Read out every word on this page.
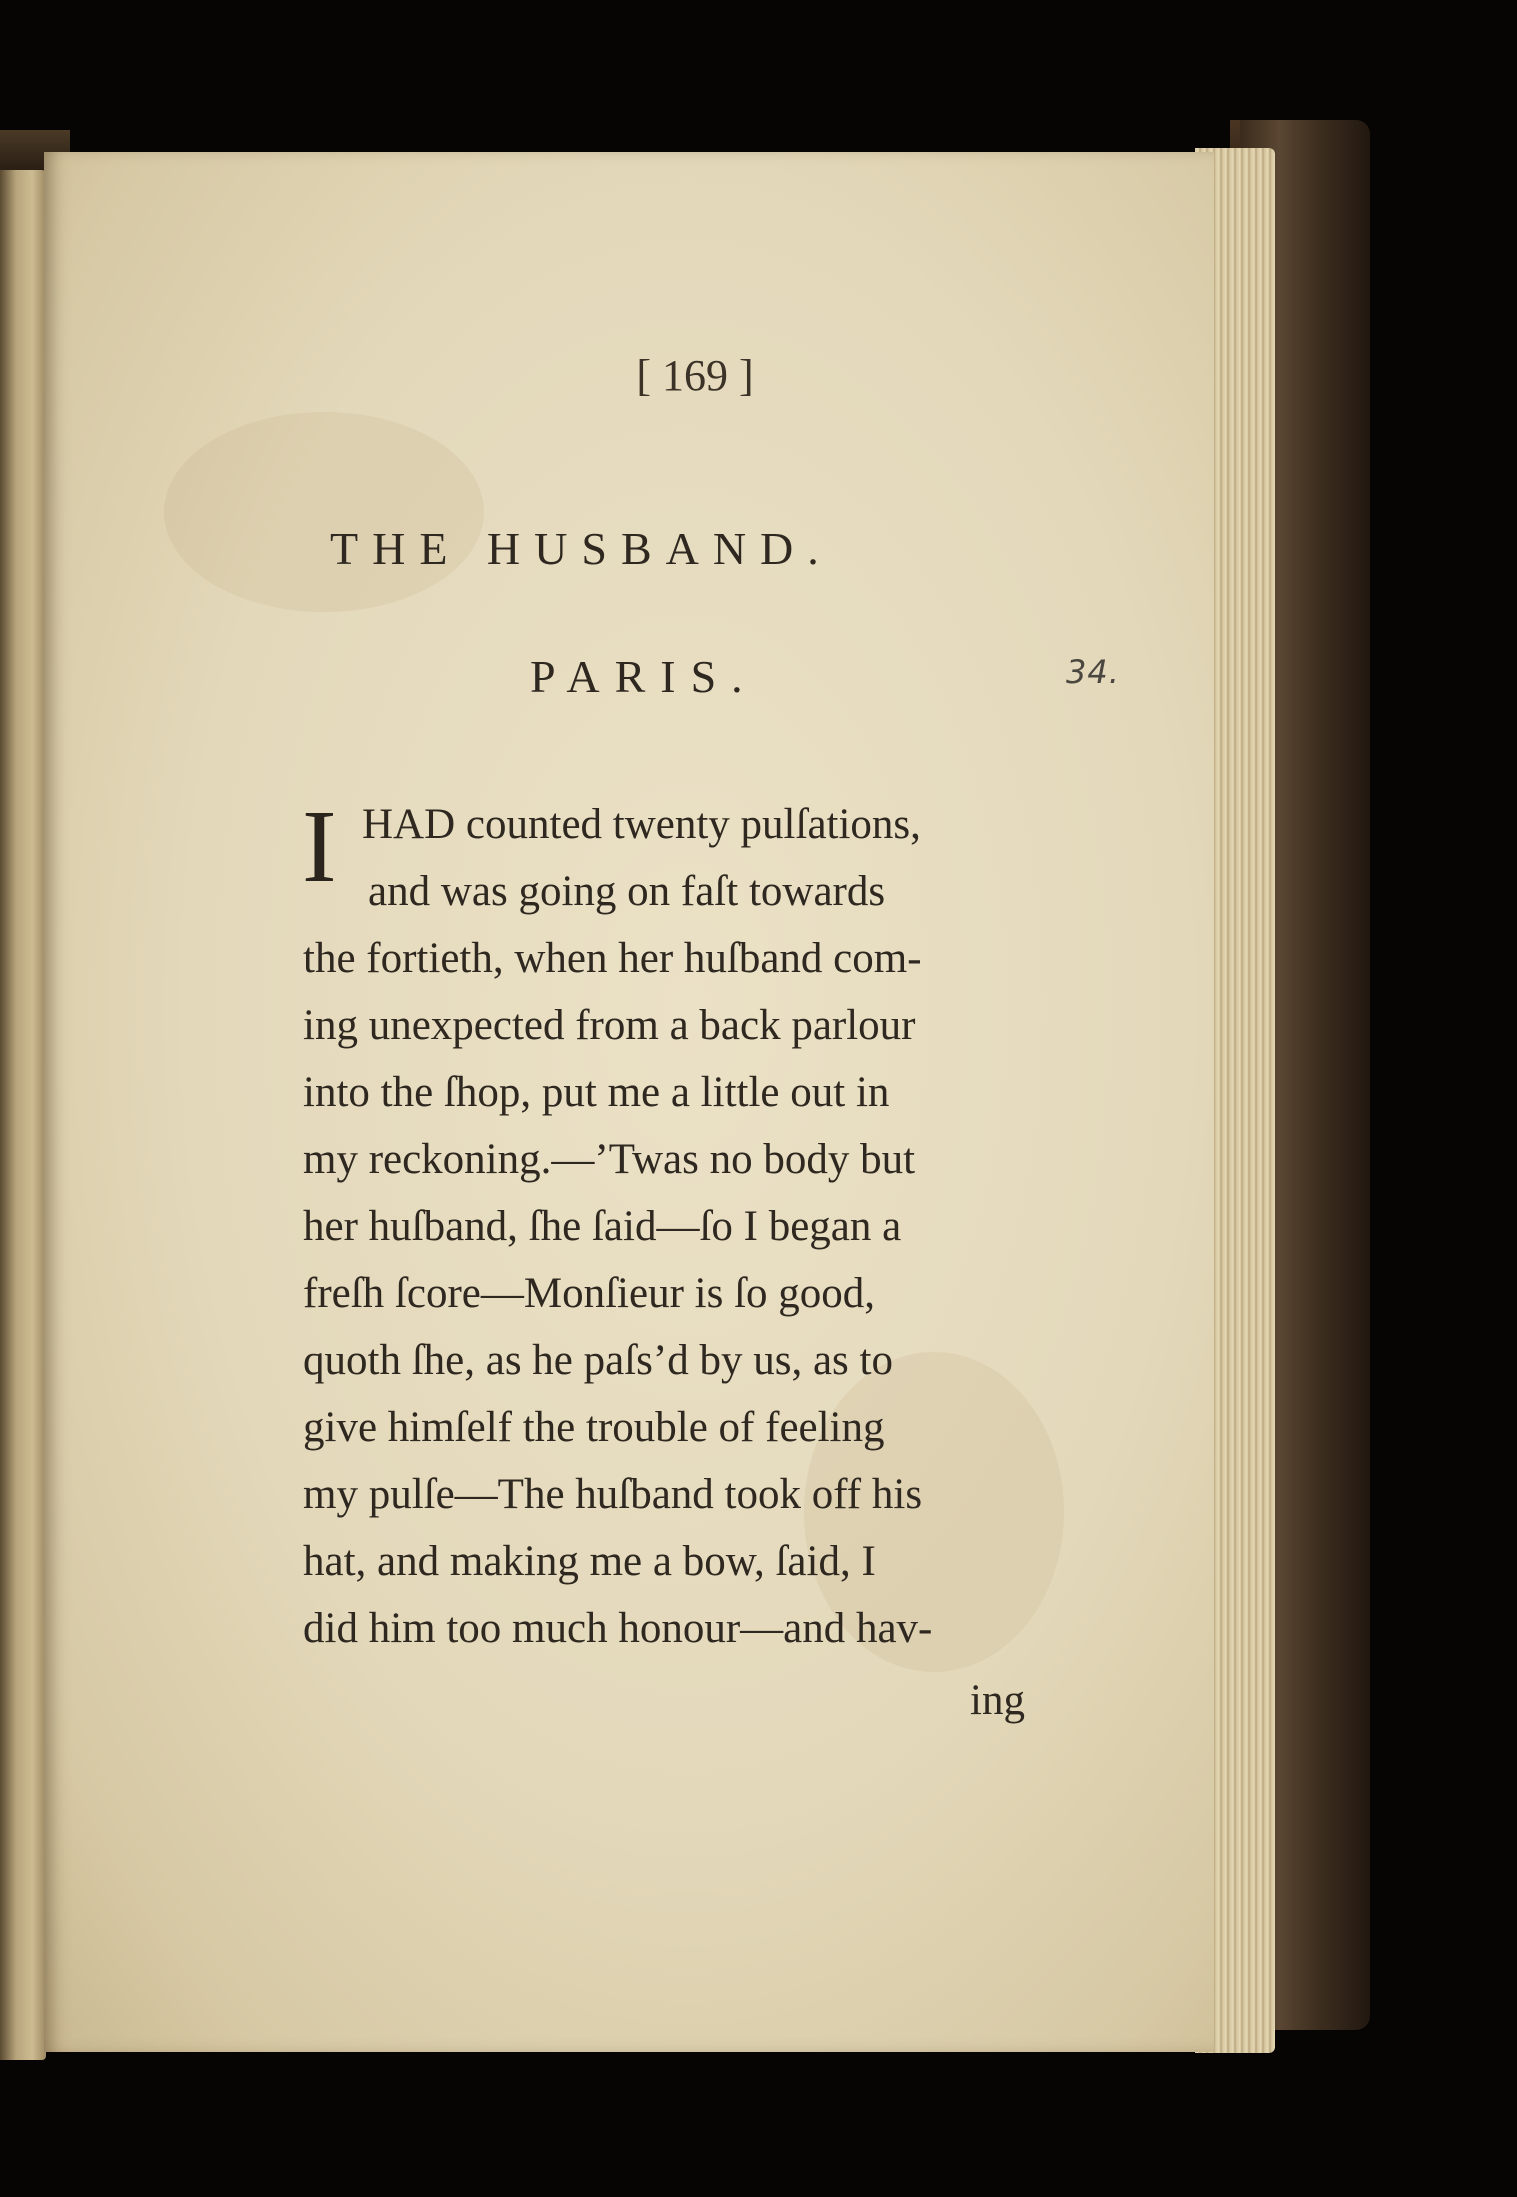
[ 169 ]
THE HUSBAND.
PARIS.	34.
I HAD counted twenty pulſations,
and was going on faſt towards
the fortieth, when her huſband com-
ing unexpected from a back parlour
into the ſhop, put me a little out in
my reckoning.—’Twas no body but
her huſband, ſhe ſaid—ſo I began a
freſh ſcore—Monſieur is ſo good,
quoth ſhe, as he paſs’d by us, as to
give himſelf the trouble of feeling
my pulſe—The huſband took off his
hat, and making me a bow, ſaid, I
did him too much honour—and hav-
ing
